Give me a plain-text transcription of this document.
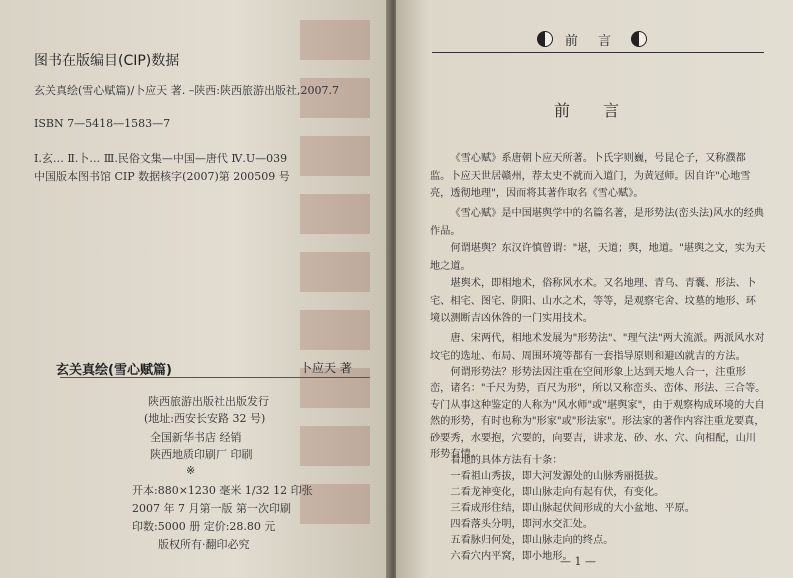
图书在版编目(CIP)数据
玄关真绘(雪心赋篇)/卜应天 著. –陕西:陕西旅游出版社,2007.7
ISBN 7—5418—1583—7
Ⅰ.玄… Ⅱ.卜… Ⅲ.民俗文集—中国—唐代 Ⅳ.U—039
中国版本图书馆 CIP 数据核字(2007)第 200509 号
玄关真绘(雪心赋篇)	卜应天 著
陕西旅游出版社出版发行
(地址:西安长安路 32 号)
全国新华书店 经销
陕西地质印刷厂 印刷
※
开本:880×1230 毫米 1/32 12 印张
2007 年 7 月第一版 第一次印刷
印数:5000 册 定价:28.80 元
版权所有·翻印必究
前 言
前 言
《雪心赋》系唐朝卜应天所著。卜氏字则巍，号昆仑子，又称濮都监。卜应天世居赣州，荐太史不就而入道门，为黄冠师。因自许"心地雪亮，透彻地理"，因而将其著作取名《雪心赋》。
《雪心赋》是中国堪舆学中的名篇名著，是形势法(峦头法)风水的经典作品。
何谓堪舆？东汉许慎曾谓："堪，天道；舆，地道。"堪舆之文，实为天地之道。
堪舆术，即相地术，俗称风水术。又名地理、青乌、青囊、形法、卜宅、相宅、图宅、阴阳、山水之术，等等，是观察宅舍、坟墓的地形、环境以测断吉凶休咎的一门实用技术。
唐、宋两代，相地术发展为"形势法"、"理气法"两大流派。两派风水对坟宅的选址、布局、周围环境等都有一套指导原则和避凶就吉的方法。
何谓形势法？形势法因注重在空间形象上达到天地人合一，注重形峦，诸名："千尺为势，百尺为形"，所以又称峦头、峦体、形法、三合等。专门从事这种鉴定的人称为"风水师"或"堪舆家"，由于观察构成环境的大自然的形势，有时也称为"形家"或"形法家"。形法家的著作内容注重龙要真，砂要秀，水要抱，穴要的，向要吉，讲求龙、砂、水、穴、向相配，山川形势有情。
看地的具体方法有十条：
一看祖山秀拔，即大河发源处的山脉秀丽挺拔。
二看龙神变化，即山脉走向有起有伏，有变化。
三看成形住结，即山脉起伏间形成的大小盆地、平原。
四看落头分明，即河水交汇处。
五看脉归何处，即山脉走向的终点。
六看穴内平窝，即小地形。
— 1 —
